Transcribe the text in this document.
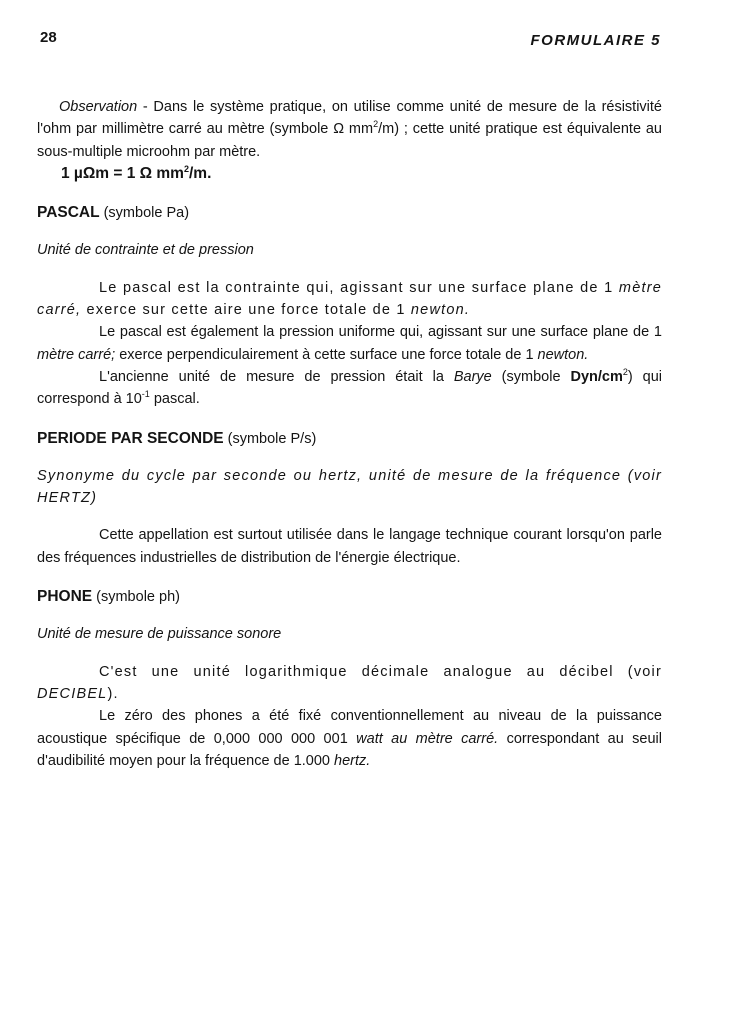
28	FORMULAIRE 5

Observation - Dans le système pratique, on utilise comme unité de mesure de la résistivité l'ohm par millimètre carré au mètre (symbole Ω $mm^2/m$) ; cette unité pratique est équivalente au sous-multiple microohm par mètre.

1 µΩm = 1 Ω $mm^2/m$.

PASCAL (symbole Pa)

Unité de contrainte et de pression

Le pascal est la contrainte qui, agissant sur une surface plane de 1 mètre carré, exerce sur cette aire une force totale de 1 newton.

Le pascal est également la pression uniforme qui, agissant sur une surface plane de 1 mètre carré; exerce perpendiculairement à cette surface une force totale de 1 newton.

L'ancienne unité de mesure de pression était la Barye (symbole Dyn/$cm^2$) qui correspond à $10^{-1}$ pascal.

PERIODE PAR SECONDE (symbole P/s)

Synonyme du cycle par seconde ou hertz, unité de mesure de la fréquence (voir HERTZ)

Cette appellation est surtout utilisée dans le langage technique courant lorsqu'on parle des fréquences industrielles de distribution de l'énergie électrique.

PHONE (symbole ph)

Unité de mesure de puissance sonore

C'est une unité logarithmique décimale analogue au décibel (voir DECIBEL).

Le zéro des phones a été fixé conventionnellement au niveau de la puissance acoustique spécifique de 0,000 000 000 001 watt au mètre carré. correspondant au seuil d'audibilité moyen pour la fréquence de 1.000 hertz.
